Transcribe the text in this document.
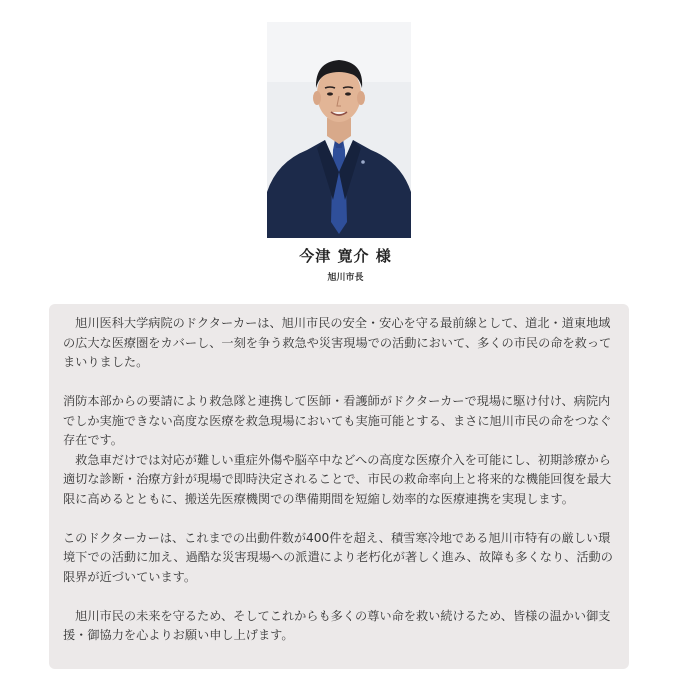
今津 寛介 様
旭川市長

　旭川医科大学病院のドクターカーは、旭川市民の安全・安心を守る最前線として、道北・道東地域の広大な医療圏をカバーし、一刻を争う救急や災害現場での活動において、多くの市民の命を救ってまいりました。

消防本部からの要請により救急隊と連携して医師・看護師がドクターカーで現場に駆け付け、病院内でしか実施できない高度な医療を救急現場においても実施可能とする、まさに旭川市民の命をつなぐ存在です。

　救急車だけでは対応が難しい重症外傷や脳卒中などへの高度な医療介入を可能にし、初期診療から適切な診断・治療方針が現場で即時決定されることで、市民の救命率向上と将来的な機能回復を最大限に高めるとともに、搬送先医療機関での準備期間を短縮し効率的な医療連携を実現します。

このドクターカーは、これまでの出動件数が400件を超え、積雪寒冷地である旭川市特有の厳しい環境下での活動に加え、過酷な災害現場への派遣により老朽化が著しく進み、故障も多くなり、活動の限界が近づいています。

　旭川市民の未来を守るため、そしてこれからも多くの尊い命を救い続けるため、皆様の温かい御支援・御協力を心よりお願い申し上げます。
